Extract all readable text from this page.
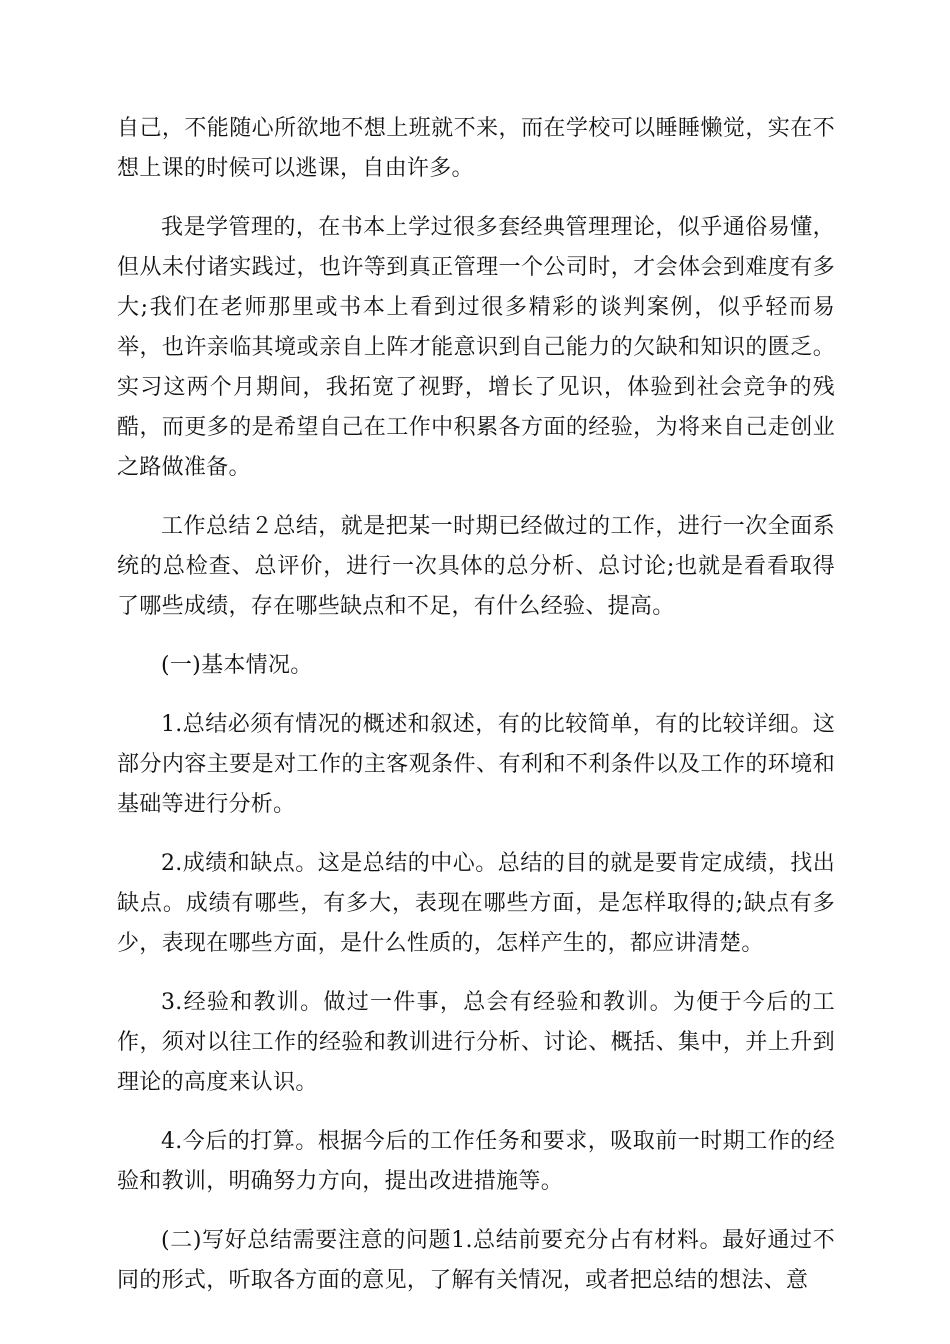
自己，不能随心所欲地不想上班就不来，而在学校可以睡睡懒觉，实在不想上课的时候可以逃课，自由许多。

我是学管理的，在书本上学过很多套经典管理理论，似乎通俗易懂，但从未付诸实践过，也许等到真正管理一个公司时，才会体会到难度有多大;我们在老师那里或书本上看到过很多精彩的谈判案例，似乎轻而易举，也许亲临其境或亲自上阵才能意识到自己能力的欠缺和知识的匮乏。实习这两个月期间，我拓宽了视野，增长了见识，体验到社会竞争的残酷，而更多的是希望自己在工作中积累各方面的经验，为将来自己走创业之路做准备。

工作总结２总结，就是把某一时期已经做过的工作，进行一次全面系统的总检查、总评价，进行一次具体的总分析、总讨论;也就是看看取得了哪些成绩，存在哪些缺点和不足，有什么经验、提高。

(一)基本情况。

1.总结必须有情况的概述和叙述，有的比较简单，有的比较详细。这部分内容主要是对工作的主客观条件、有利和不利条件以及工作的环境和基础等进行分析。

2.成绩和缺点。这是总结的中心。总结的目的就是要肯定成绩，找出缺点。成绩有哪些，有多大，表现在哪些方面，是怎样取得的;缺点有多少，表现在哪些方面，是什么性质的，怎样产生的，都应讲清楚。

3.经验和教训。做过一件事，总会有经验和教训。为便于今后的工作，须对以往工作的经验和教训进行分析、讨论、概括、集中，并上升到理论的高度来认识。

4.今后的打算。根据今后的工作任务和要求，吸取前一时期工作的经验和教训，明确努力方向，提出改进措施等。

(二)写好总结需要注意的问题1.总结前要充分占有材料。最好通过不同的形式，听取各方面的意见，了解有关情况，或者把总结的想法、意
